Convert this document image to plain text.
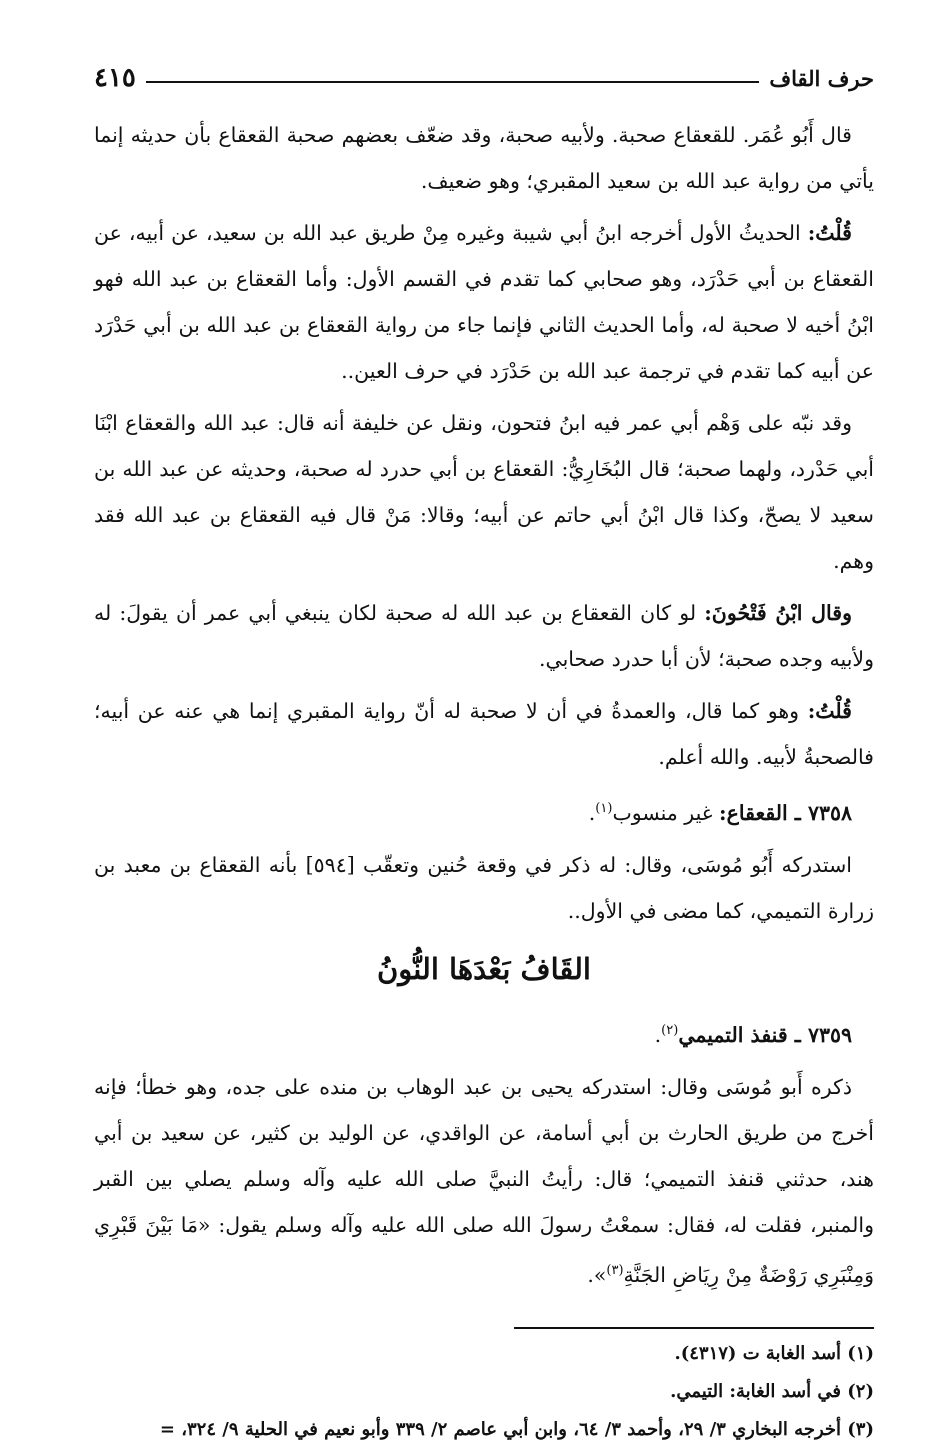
حرف القاف
٤١٥

قال أَبُو عُمَر. للقعقاع صحبة. ولأبيه صحبة، وقد ضعّف بعضهم صحبة القعقاع بأن حديثه إنما يأتي من رواية عبد الله بن سعيد المقبري؛ وهو ضعيف.

قُلْتُ: الحديثُ الأول أخرجه ابنُ أبي شيبة وغيره مِنْ طريق عبد الله بن سعيد، عن أبيه، عن القعقاع بن أبي حَدْرَد، وهو صحابي كما تقدم في القسم الأول: وأما القعقاع بن عبد الله فهو ابْنُ أخيه لا صحبة له، وأما الحديث الثاني فإنما جاء من رواية القعقاع بن عبد الله بن أبي حَدْرَد عن أبيه كما تقدم في ترجمة عبد الله بن حَدْرَد في حرف العين..

وقد نبّه على وَهْم أبي عمر فيه ابنُ فتحون، ونقل عن خليفة أنه قال: عبد الله والقعقاع ابْنَا أبي حَدْرد، ولهما صحبة؛ قال البُخَارِيُّ: القعقاع بن أبي حدرد له صحبة، وحديثه عن عبد الله بن سعيد لا يصحّ، وكذا قال ابْنُ أبي حاتم عن أبيه؛ وقالا: مَنْ قال فيه القعقاع بن عبد الله فقد وهم.

وقال ابْنُ فَتْحُونَ: لو كان القعقاع بن عبد الله له صحبة لكان ينبغي أبي عمر أن يقولَ: له ولأبيه وجده صحبة؛ لأن أبا حدرد صحابي.

قُلْتُ: وهو كما قال، والعمدةُ في أن لا صحبة له أنّ رواية المقبري إنما هي عنه عن أبيه؛ فالصحبةُ لأبيه. والله أعلم.

٧٣٥٨ ـ القعقاع: غير منسوب$^{(١)}$.

استدركه أَبُو مُوسَى، وقال: له ذكر في وقعة حُنين وتعقّب [٥٩٤] بأنه القعقاع بن معبد بن زرارة التميمي، كما مضى في الأول..

القَافُ بَعْدَهَا النُّونُ

٧٣٥٩ ـ قنفذ التميمي$^{(٢)}$.

ذكره أَبو مُوسَى وقال: استدركه يحيى بن عبد الوهاب بن منده على جده، وهو خطأ؛ فإنه أخرج من طريق الحارث بن أبي أسامة، عن الواقدي، عن الوليد بن كثير، عن سعيد بن أبي هند، حدثني قنفذ التميمي؛ قال: رأيتُ النبيَّ صلى الله عليه وآله وسلم يصلي بين القبر والمنبر، فقلت له، فقال: سمعْتُ رسولَ الله صلى الله عليه وآله وسلم يقول: «مَا بَيْنَ قَبْرِي وَمِنْبَرِي رَوْضَةٌ مِنْ رِيَاضِ الجَنَّةِ$^{(٣)}$».

(١) أسد الغابة ت (٤٣١٧).

(٢) في أسد الغابة: التيمي.

(٣) أخرجه البخاري ٣/ ٢٩، وأحمد ٣/ ٦٤، وابن أبي عاصم ٢/ ٣٣٩ وأبو نعيم في الحلية ٩/ ٣٢٤، =
